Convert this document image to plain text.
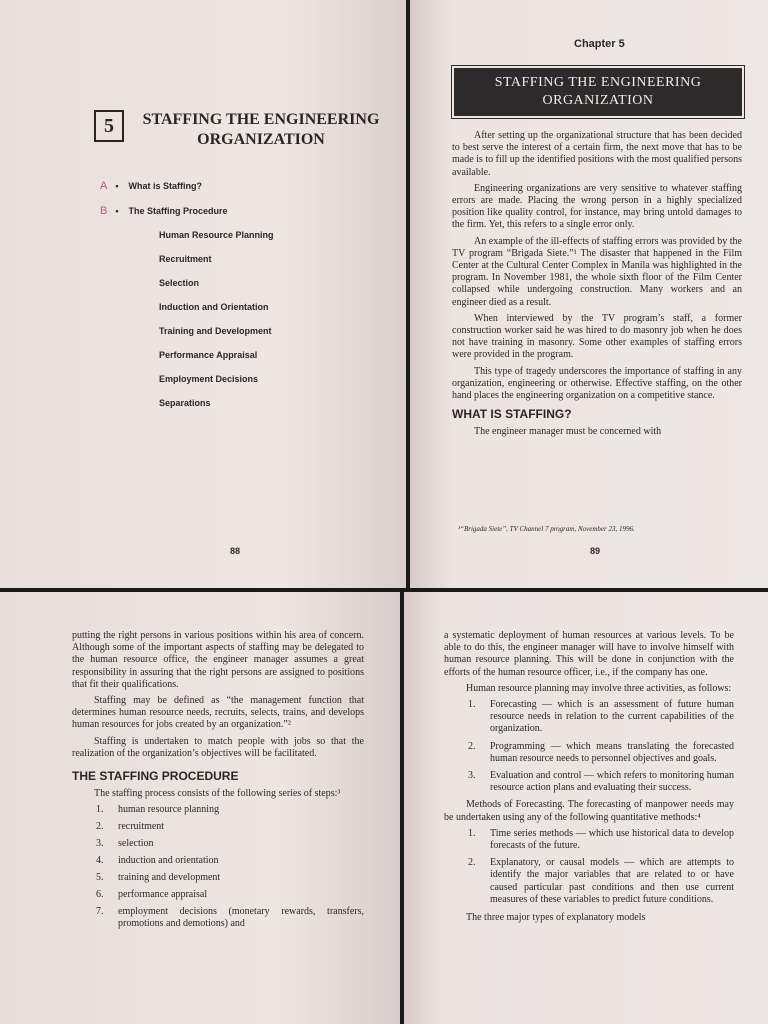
5	STAFFING THE ENGINEERING
ORGANIZATION
A • What is Staffing?
B • The Staffing Procedure
Human Resource Planning
Recruitment
Selection
Induction and Orientation
Training and Development
Performance Appraisal
Employment Decisions
Separations
88
Chapter 5
STAFFING THE ENGINEERING
ORGANIZATION

After setting up the organizational structure that has been decided to best serve the interest of a certain firm, the next move that has to be made is to fill up the identified positions with the most qualified persons available.

Engineering organizations are very sensitive to whatever staffing errors are made. Placing the wrong person in a highly specialized position like quality control, for instance, may bring untold damages to the firm. Yet, this refers to a single error only.

An example of the ill-effects of staffing errors was provided by the TV program “Brigada Siete.”¹ The disaster that happened in the Film Center at the Cultural Center Complex in Manila was highlighted in the program. In November 1981, the whole sixth floor of the Film Center collapsed while undergoing construction. Many workers and an engineer died as a result.

When interviewed by the TV program’s staff, a former construction worker said he was hired to do masonry job when he does not have training in masonry. Some other examples of staffing errors were provided in the program.

This type of tragedy underscores the importance of staffing in any organization, engineering or otherwise. Effective staffing, on the other hand places the engineering organization on a competitive stance.

WHAT IS STAFFING?

The engineer manager must be concerned with

¹“Brigada Siete”, TV Channel 7 program, November 23, 1996.
89

putting the right persons in various positions within his area of concern. Although some of the important aspects of staffing may be delegated to the human resource office, the engineer manager assumes a great responsibility in assuring that the right persons are assigned to positions that fit their qualifications.

Staffing may be defined as “the management function that determines human resource needs, recruits, selects, trains, and develops human resources for jobs created by an organization.”²

Staffing is undertaken to match people with jobs so that the realization of the organization’s objectives will be facilitated.

THE STAFFING PROCEDURE

The staffing process consists of the following series of steps:³

1. human resource planning
2. recruitment
3. selection
4. induction and orientation
5. training and development
6. performance appraisal
7. employment decisions (monetary rewards, transfers, promotions and demotions) and

a systematic deployment of human resources at various levels. To be able to do this, the engineer manager will have to involve himself with human resource planning. This will be done in conjunction with the efforts of the human resource officer, i.e., if the company has one.

Human resource planning may involve three activities, as follows:

1. Forecasting — which is an assessment of future human resource needs in relation to the current capabilities of the organization.
2. Programming — which means translating the forecasted human resource needs to personnel objectives and goals.
3. Evaluation and control — which refers to monitoring human resource action plans and evaluating their success.

Methods of Forecasting. The forecasting of manpower needs may be undertaken using any of the following quantitative methods:⁴

1. Time series methods — which use historical data to develop forecasts of the future.
2. Explanatory, or causal models — which are attempts to identify the major variables that are related to or have caused particular past conditions and then use current measures of these variables to predict future conditions.

The three major types of explanatory models
